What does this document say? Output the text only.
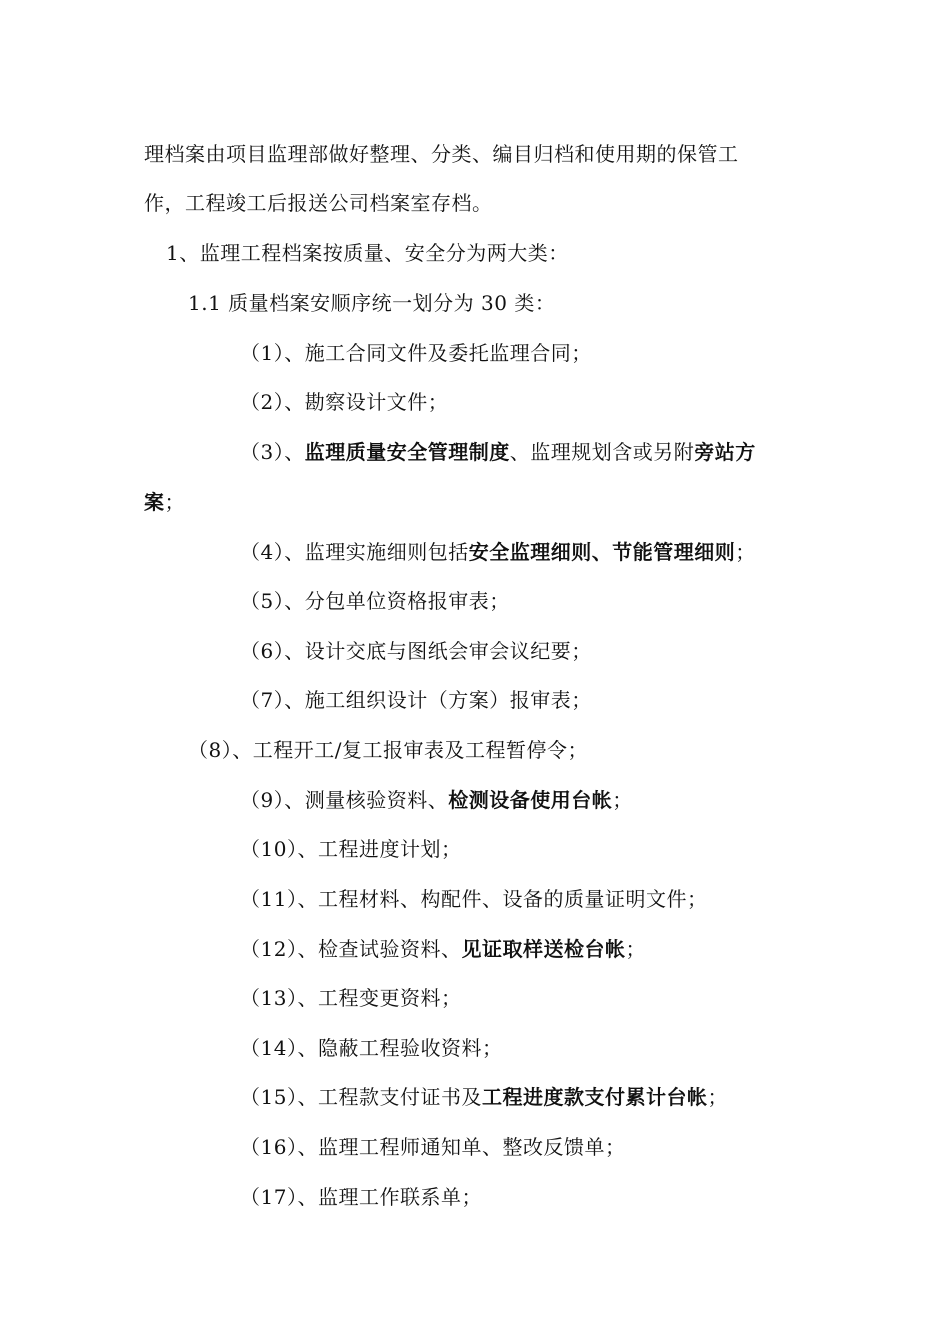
理档案由项目监理部做好整理、分类、编目归档和使用期的保管工
作，工程竣工后报送公司档案室存档。
1、监理工程档案按质量、安全分为两大类：
1.1 质量档案安顺序统一划分为 30 类：
（1）、施工合同文件及委托监理合同；
（2）、勘察设计文件；
（3）、监理质量安全管理制度、监理规划含或另附旁站方
案；
（4）、监理实施细则包括安全监理细则、节能管理细则；
（5）、分包单位资格报审表；
（6）、设计交底与图纸会审会议纪要；
（7）、施工组织设计（方案）报审表；
（8）、工程开工/复工报审表及工程暂停令；
（9）、测量核验资料、检测设备使用台帐；
（10）、工程进度计划；
（11）、工程材料、构配件、设备的质量证明文件；
（12）、检查试验资料、见证取样送检台帐；
（13）、工程变更资料；
（14）、隐蔽工程验收资料；
（15）、工程款支付证书及工程进度款支付累计台帐；
（16）、监理工程师通知单、整改反馈单；
（17）、监理工作联系单；
